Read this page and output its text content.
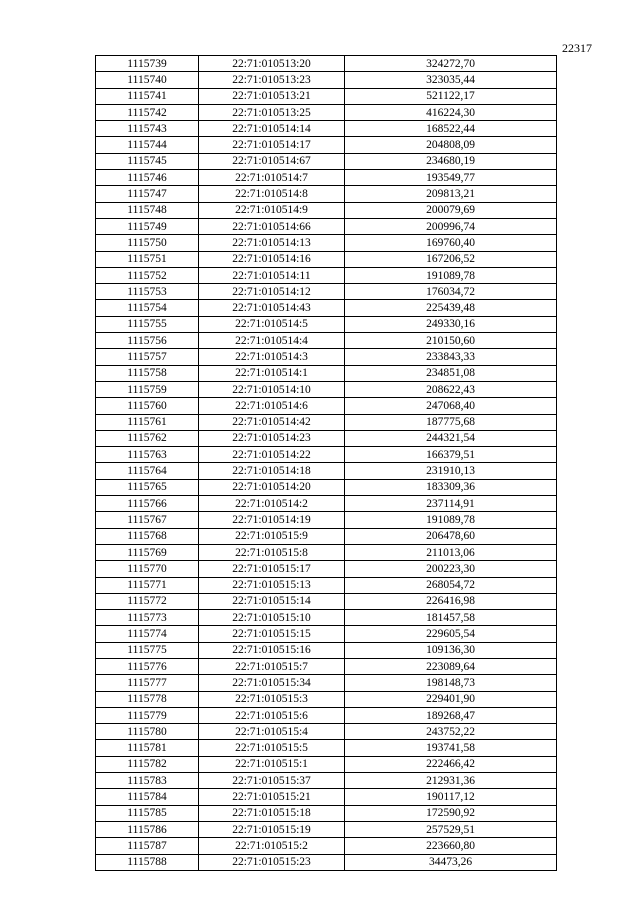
22317
1115739	22:71:010513:20	324272,70
1115740	22:71:010513:23	323035,44
1115741	22:71:010513:21	521122,17
1115742	22:71:010513:25	416224,30
1115743	22:71:010514:14	168522,44
1115744	22:71:010514:17	204808,09
1115745	22:71:010514:67	234680,19
1115746	22:71:010514:7	193549,77
1115747	22:71:010514:8	209813,21
1115748	22:71:010514:9	200079,69
1115749	22:71:010514:66	200996,74
1115750	22:71:010514:13	169760,40
1115751	22:71:010514:16	167206,52
1115752	22:71:010514:11	191089,78
1115753	22:71:010514:12	176034,72
1115754	22:71:010514:43	225439,48
1115755	22:71:010514:5	249330,16
1115756	22:71:010514:4	210150,60
1115757	22:71:010514:3	233843,33
1115758	22:71:010514:1	234851,08
1115759	22:71:010514:10	208622,43
1115760	22:71:010514:6	247068,40
1115761	22:71:010514:42	187775,68
1115762	22:71:010514:23	244321,54
1115763	22:71:010514:22	166379,51
1115764	22:71:010514:18	231910,13
1115765	22:71:010514:20	183309,36
1115766	22:71:010514:2	237114,91
1115767	22:71:010514:19	191089,78
1115768	22:71:010515:9	206478,60
1115769	22:71:010515:8	211013,06
1115770	22:71:010515:17	200223,30
1115771	22:71:010515:13	268054,72
1115772	22:71:010515:14	226416,98
1115773	22:71:010515:10	181457,58
1115774	22:71:010515:15	229605,54
1115775	22:71:010515:16	109136,30
1115776	22:71:010515:7	223089,64
1115777	22:71:010515:34	198148,73
1115778	22:71:010515:3	229401,90
1115779	22:71:010515:6	189268,47
1115780	22:71:010515:4	243752,22
1115781	22:71:010515:5	193741,58
1115782	22:71:010515:1	222466,42
1115783	22:71:010515:37	212931,36
1115784	22:71:010515:21	190117,12
1115785	22:71:010515:18	172590,92
1115786	22:71:010515:19	257529,51
1115787	22:71:010515:2	223660,80
1115788	22:71:010515:23	34473,26
